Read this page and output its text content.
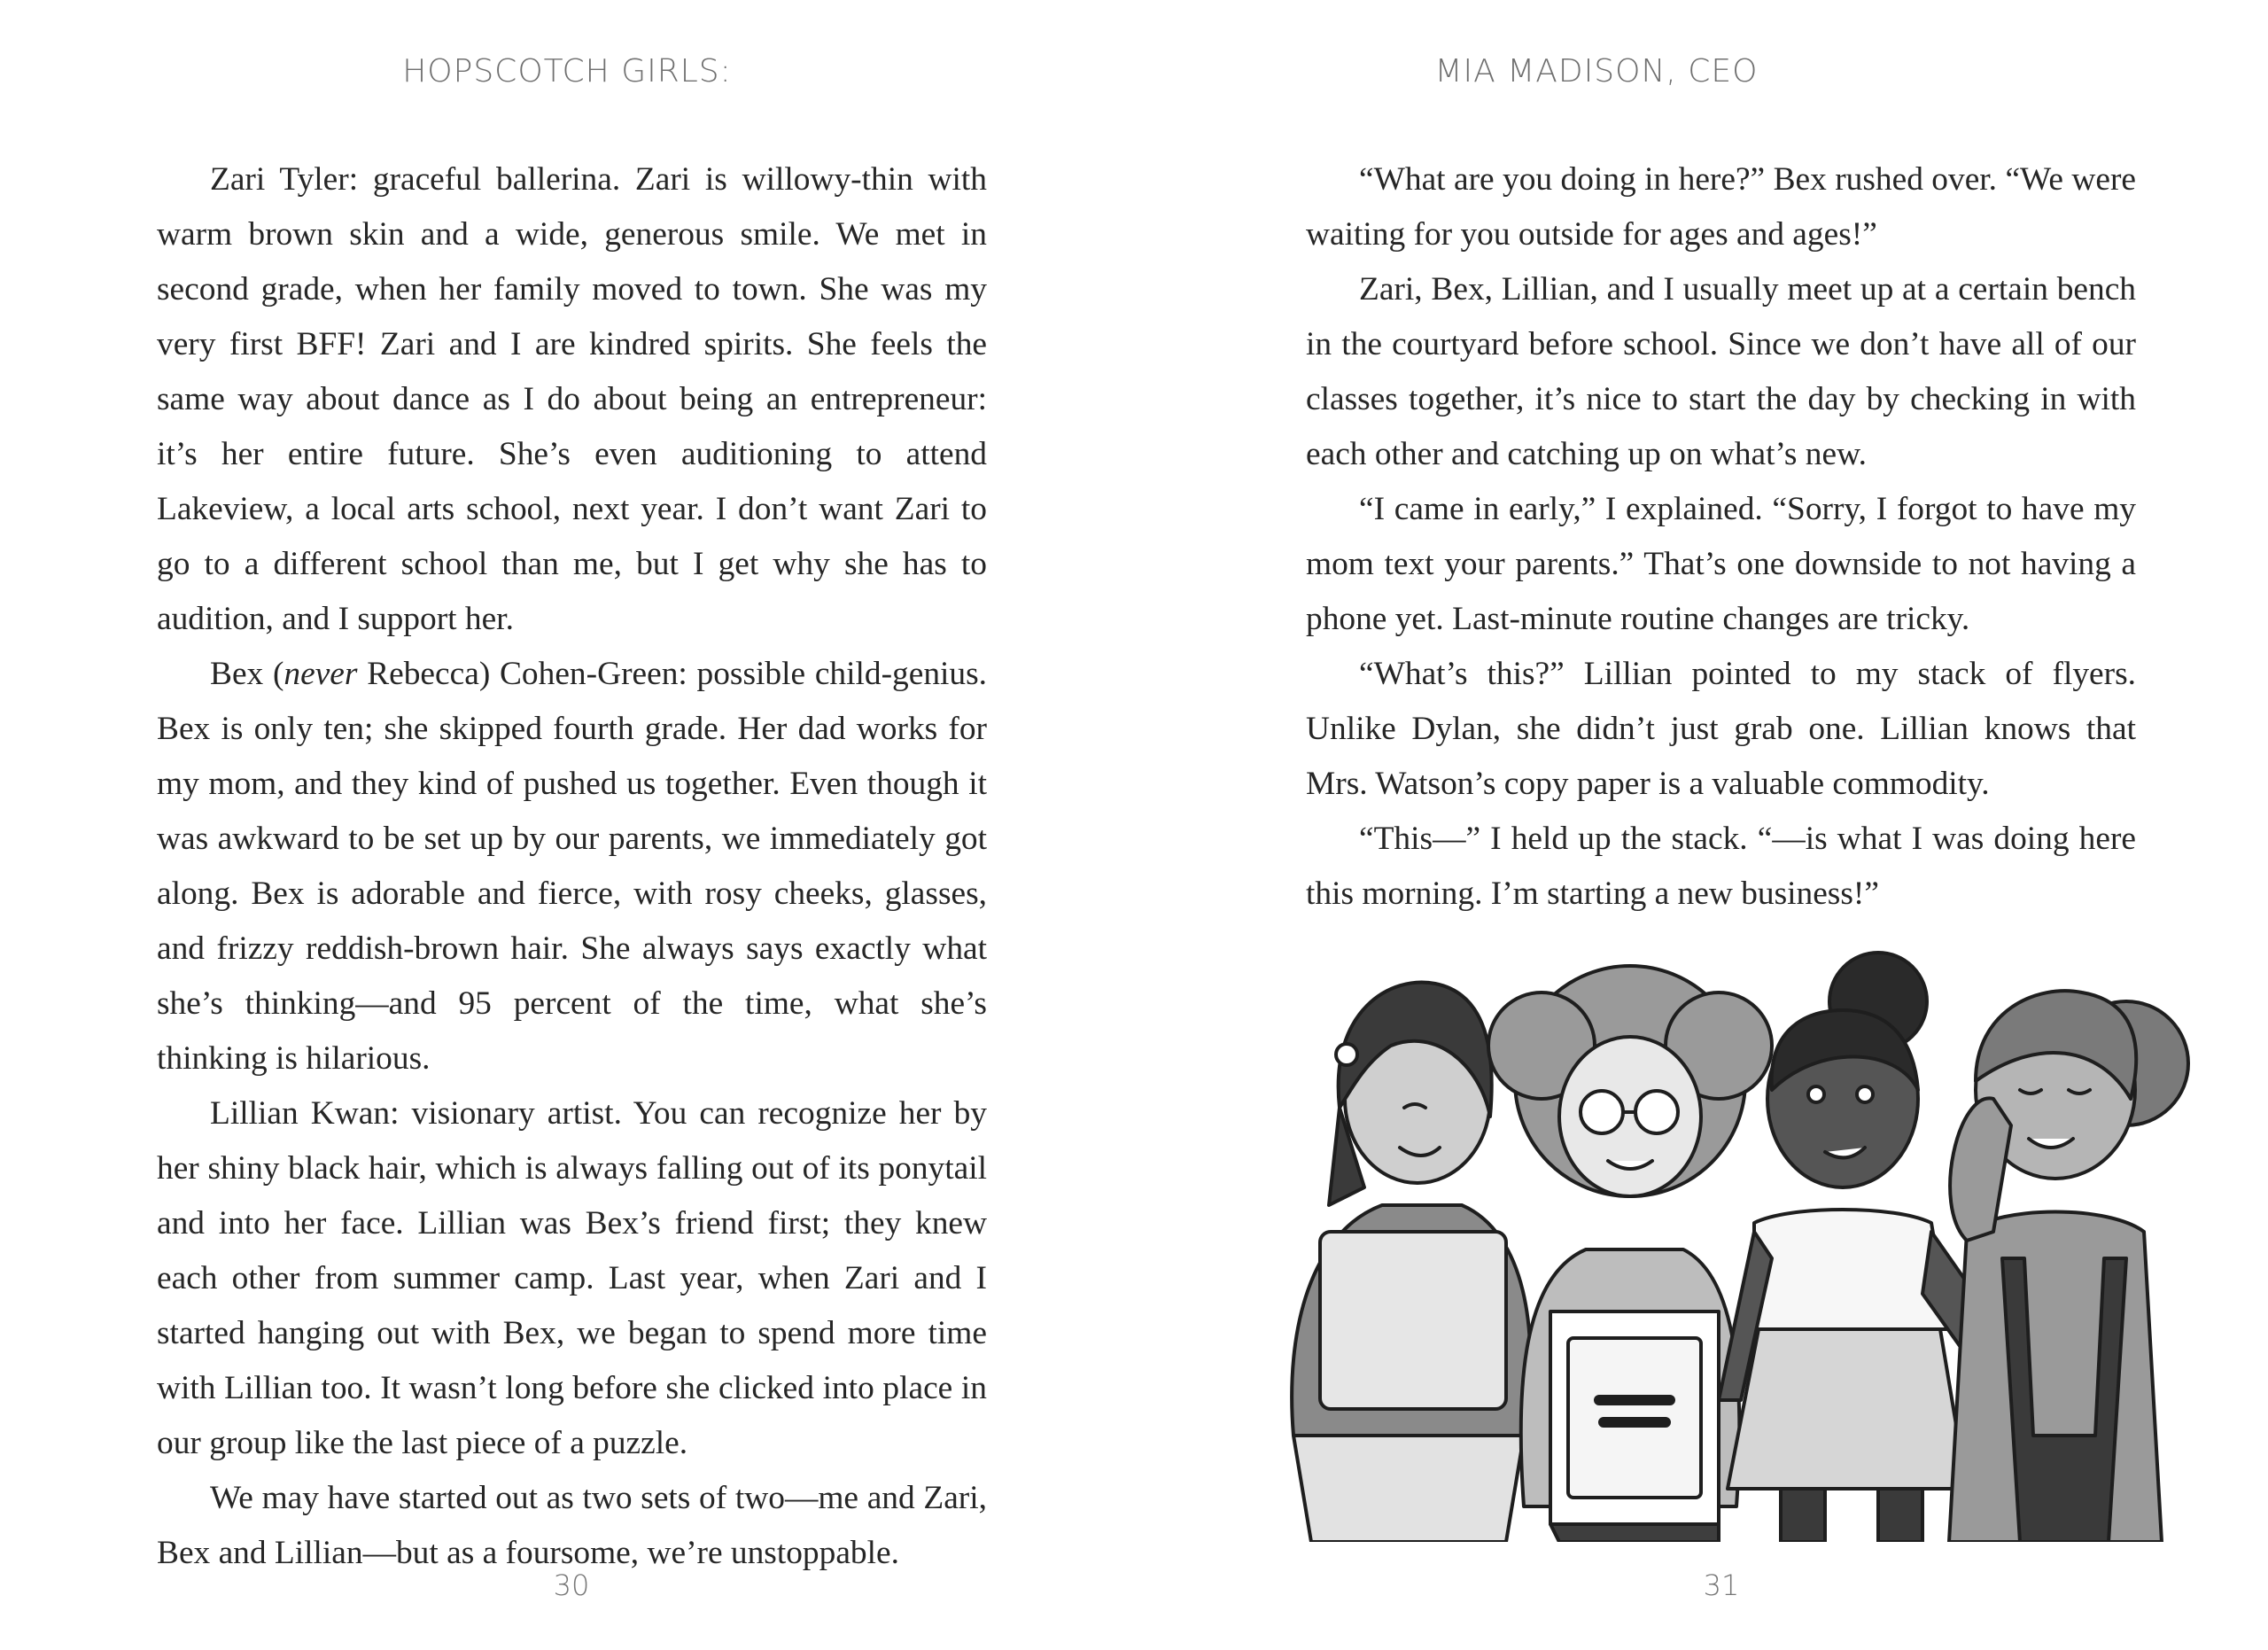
HOPSCOTCH GIRLS:

Zari Tyler: graceful ballerina. Zari is willowy-thin with warm brown skin and a wide, generous smile. We met in second grade, when her family moved to town. She was my very first BFF! Zari and I are kindred spirits. She feels the same way about dance as I do about being an entrepreneur: it’s her entire future. She’s even auditioning to attend Lakeview, a local arts school, next year. I don’t want Zari to go to a different school than me, but I get why she has to audition, and I support her.

Bex (never Rebecca) Cohen-Green: possible child-genius. Bex is only ten; she skipped fourth grade. Her dad works for my mom, and they kind of pushed us together. Even though it was awkward to be set up by our parents, we immediately got along. Bex is adorable and fierce, with rosy cheeks, glasses, and frizzy reddish-brown hair. She always says exactly what she’s thinking—and 95 percent of the time, what she’s thinking is hilarious.

Lillian Kwan: visionary artist. You can recognize her by her shiny black hair, which is always falling out of its ponytail and into her face. Lillian was Bex’s friend first; they knew each other from summer camp. Last year, when Zari and I started hanging out with Bex, we began to spend more time with Lillian too. It wasn’t long before she clicked into place in our group like the last piece of a puzzle.

We may have started out as two sets of two—me and Zari, Bex and Lillian—but as a foursome, we’re unstoppable.

30
MIA MADISON, CEO

“What are you doing in here?” Bex rushed over. “We were waiting for you outside for ages and ages!”

Zari, Bex, Lillian, and I usually meet up at a certain bench in the courtyard before school. Since we don’t have all of our classes together, it’s nice to start the day by checking in with each other and catching up on what’s new.

“I came in early,” I explained. “Sorry, I forgot to have my mom text your parents.” That’s one downside to not having a phone yet. Last-minute routine changes are tricky.

“What’s this?” Lillian pointed to my stack of flyers. Unlike Dylan, she didn’t just grab one. Lillian knows that Mrs. Watson’s copy paper is a valuable commodity.

“This—” I held up the stack. “—is what I was doing here this morning. I’m starting a new business!”

31
